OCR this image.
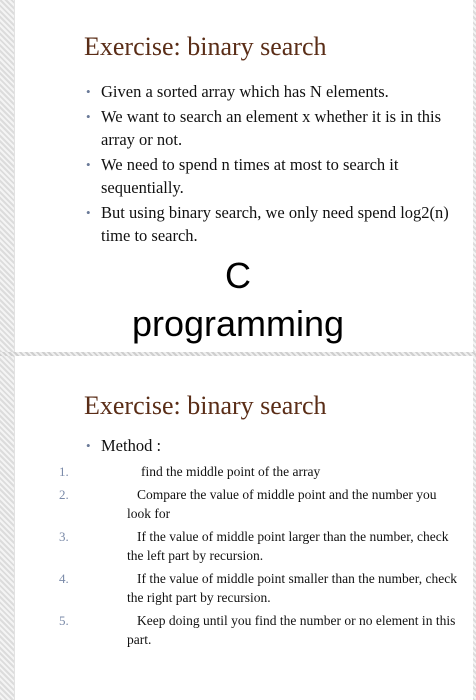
Exercise: binary search
• Given a sorted array which has N elements.
• We want to search an element x whether it is in this array or not.
• We need to spend n times at most to search it sequentially.
• But using binary search, we only need spend log2(n) time to search.
C
programming
Exercise: binary search
• Method :
1.	find the middle point of the array
2.	Compare the value of middle point and the number you look for
3.	If the value of middle point larger than the number, check the left part by recursion.
4.	If the value of middle point smaller than the number, check the right part by recursion.
5.	Keep doing until you find the number or no element in this part.
